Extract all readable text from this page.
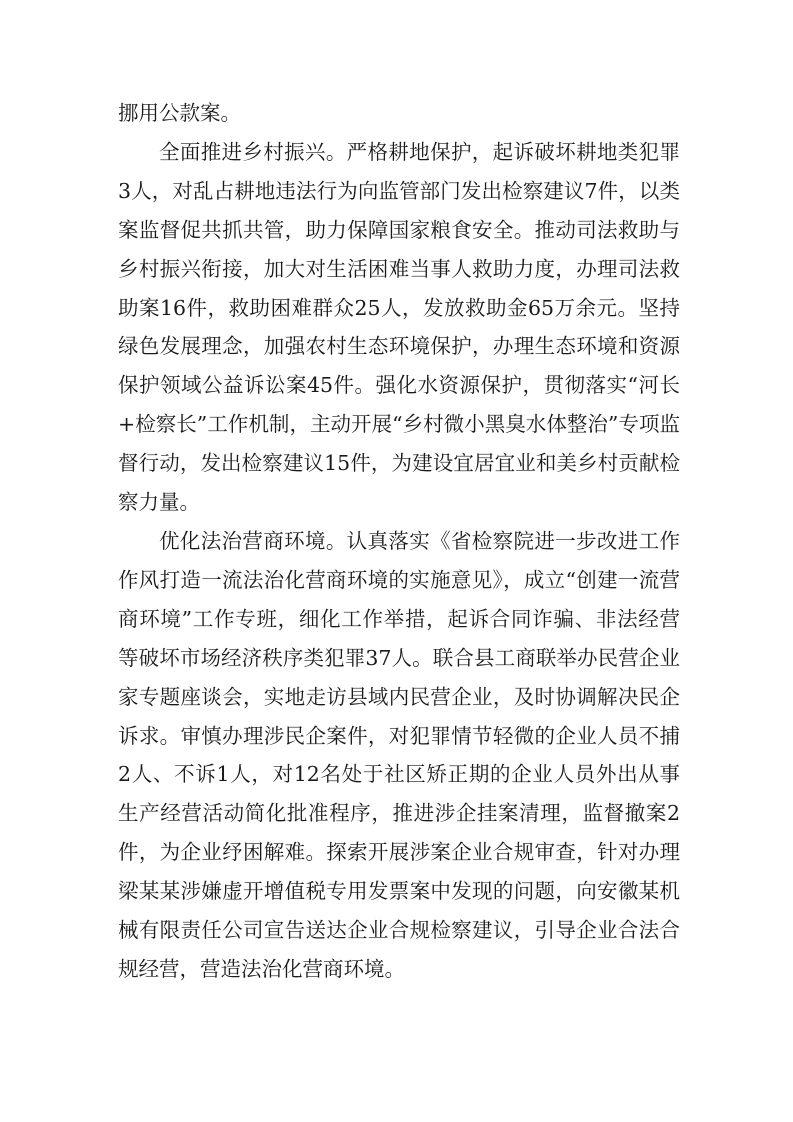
挪用公款案。

全面推进乡村振兴。严格耕地保护，起诉破坏耕地类犯罪3人，对乱占耕地违法行为向监管部门发出检察建议7件，以类案监督促共抓共管，助力保障国家粮食安全。推动司法救助与乡村振兴衔接，加大对生活困难当事人救助力度，办理司法救助案16件，救助困难群众25人，发放救助金65万余元。坚持绿色发展理念，加强农村生态环境保护，办理生态环境和资源保护领域公益诉讼案45件。强化水资源保护，贯彻落实“河长+检察长”工作机制，主动开展“乡村微小黑臭水体整治”专项监督行动，发出检察建议15件，为建设宜居宜业和美乡村贡献检察力量。

优化法治营商环境。认真落实《省检察院进一步改进工作作风打造一流法治化营商环境的实施意见》，成立“创建一流营商环境”工作专班，细化工作举措，起诉合同诈骗、非法经营等破坏市场经济秩序类犯罪37人。联合县工商联举办民营企业家专题座谈会，实地走访县域内民营企业，及时协调解决民企诉求。审慎办理涉民企案件，对犯罪情节轻微的企业人员不捕2人、不诉1人，对12名处于社区矫正期的企业人员外出从事生产经营活动简化批准程序，推进涉企挂案清理，监督撤案2件，为企业纾困解难。探索开展涉案企业合规审查，针对办理梁某某涉嫌虚开增值税专用发票案中发现的问题，向安徽某机械有限责任公司宣告送达企业合规检察建议，引导企业合法合规经营，营造法治化营商环境。
